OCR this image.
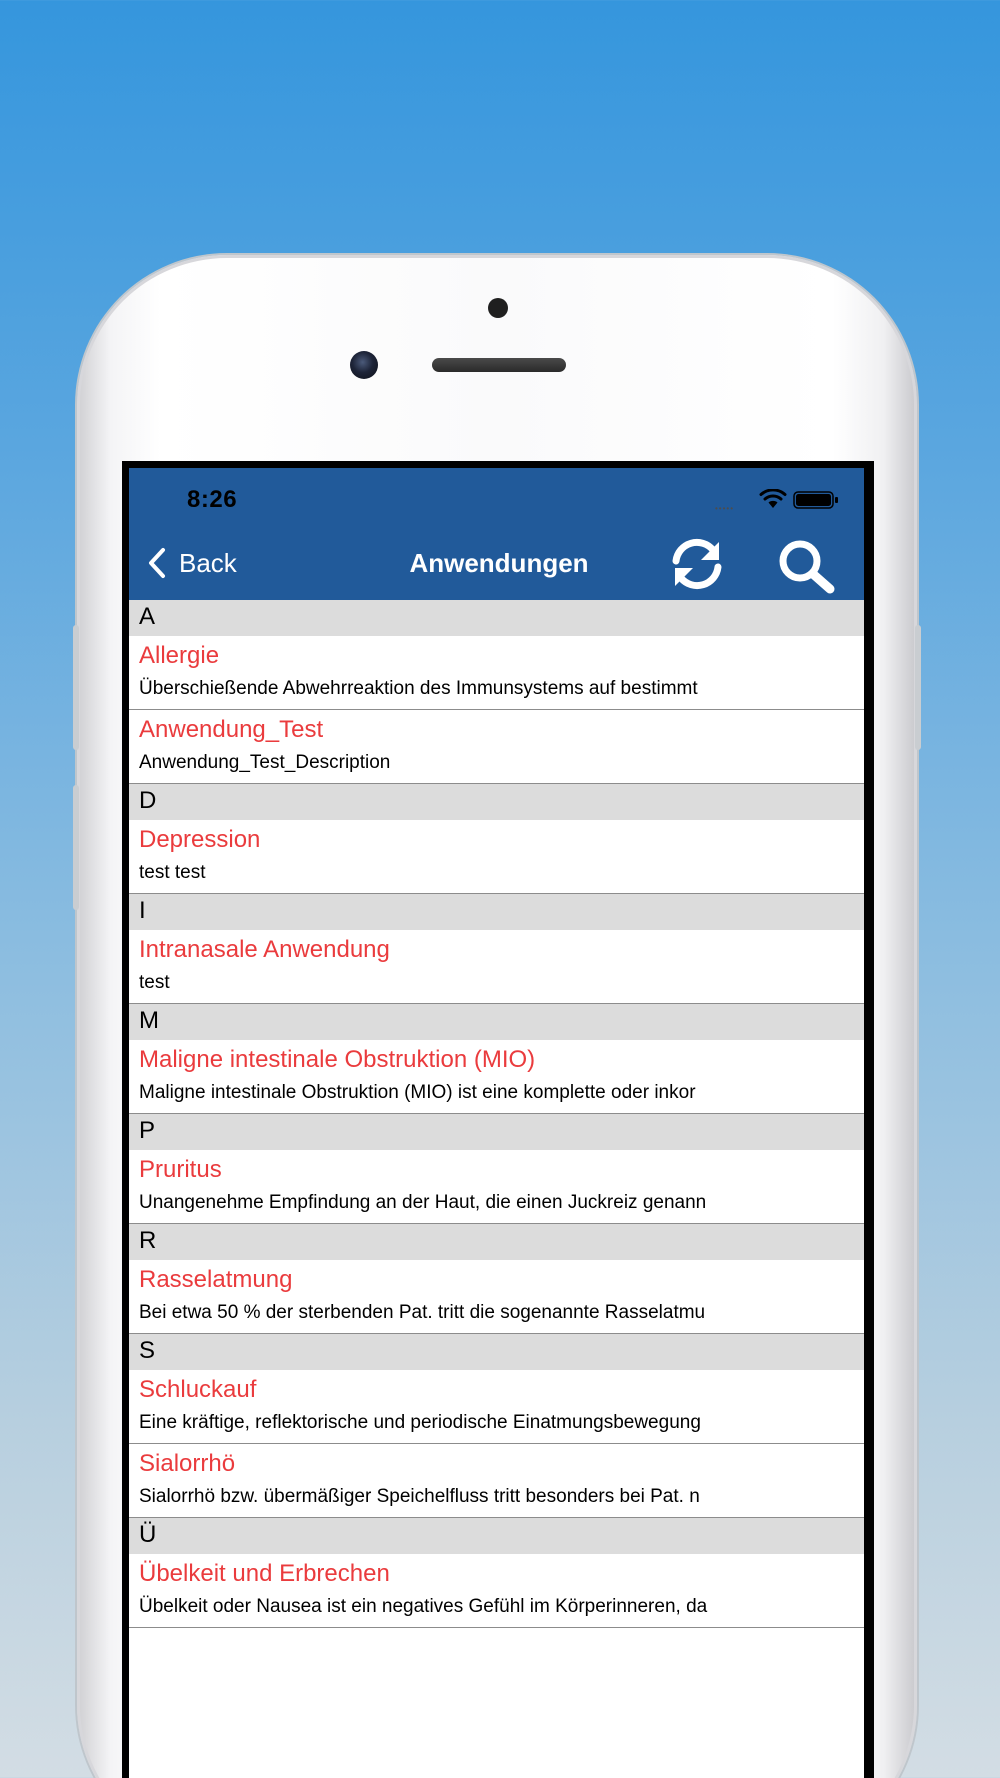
8:26	•••••
Back	Anwendungen
A
Allergie
Überschießende Abwehrreaktion des Immunsystems auf bestimmt
Anwendung_Test
Anwendung_Test_Description
D
Depression
test test
I
Intranasale Anwendung
test
M
Maligne intestinale Obstruktion (MIO)
Maligne intestinale Obstruktion (MIO) ist eine komplette oder inkor
P
Pruritus
Unangenehme Empfindung an der Haut, die einen Juckreiz genann
R
Rasselatmung
Bei etwa 50 % der sterbenden Pat. tritt die sogenannte Rasselatmu
S
Schluckauf
Eine kräftige, reflektorische und periodische Einatmungsbewegung
Sialorrhö
Sialorrhö bzw. übermäßiger Speichelfluss tritt besonders bei Pat. n
Ü
Übelkeit und Erbrechen
Übelkeit oder Nausea ist ein negatives Gefühl im Körperinneren, da
